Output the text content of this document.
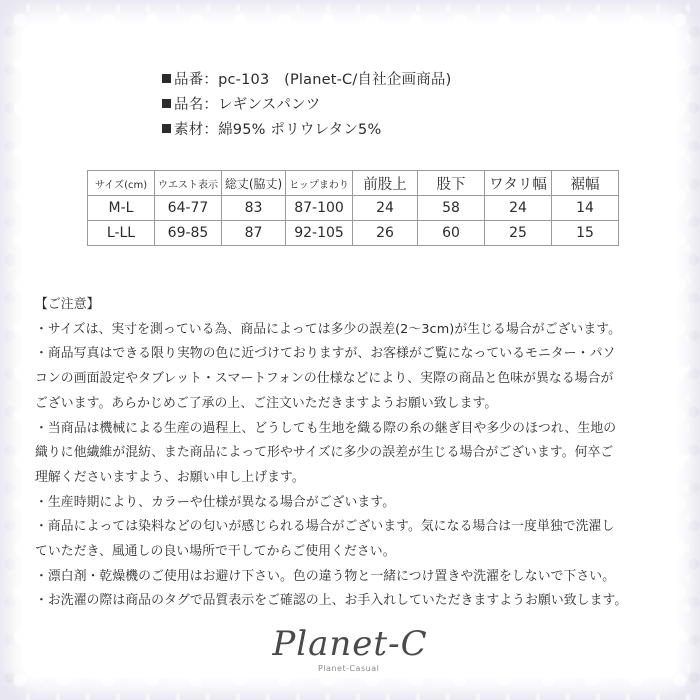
品番：pc-103　(Planet-C/自社企画商品)
品名：レギンスパンツ
素材：綿95% ポリウレタン5%
サイズ(cm)	ウエスト表示	総丈(脇丈)	ヒップまわり	前股上	股下	ワタリ幅	裾幅
M-L	64-77	83	87-100	24	58	24	14
L-LL	69-85	87	92-105	26	60	25	15
【ご注意】
・サイズは、実寸を測っている為、商品によっては多少の誤差(2～3cm)が生じる場合がございます。
・商品写真はできる限り実物の色に近づけておりますが、お客様がご覧になっているモニター・パソ
コンの画面設定やタブレット・スマートフォンの仕様などにより、実際の商品と色味が異なる場合が
ございます。あらかじめご了承の上、ご注文いただきますようお願い致します。
・当商品は機械による生産の過程上、どうしても生地を織る際の糸の継ぎ目や多少のほつれ、生地の
織りに他繊維が混紡、また商品によって形やサイズに多少の誤差が生じる場合がございます。何卒ご
理解くださいますよう、お願い申し上げます。
・生産時期により、カラーや仕様が異なる場合がございます。
・商品によっては染料などの匂いが感じられる場合がございます。気になる場合は一度単独で洗濯し
ていただき、風通しの良い場所で干してからご使用ください。
・漂白剤・乾燥機のご使用はお避け下さい。色の違う物と一緒につけ置きや洗濯をしないで下さい。
・お洗濯の際は商品のタグで品質表示をご確認の上、お手入れしていただきますようお願い致します。
Planet-C
Planet-Casual
